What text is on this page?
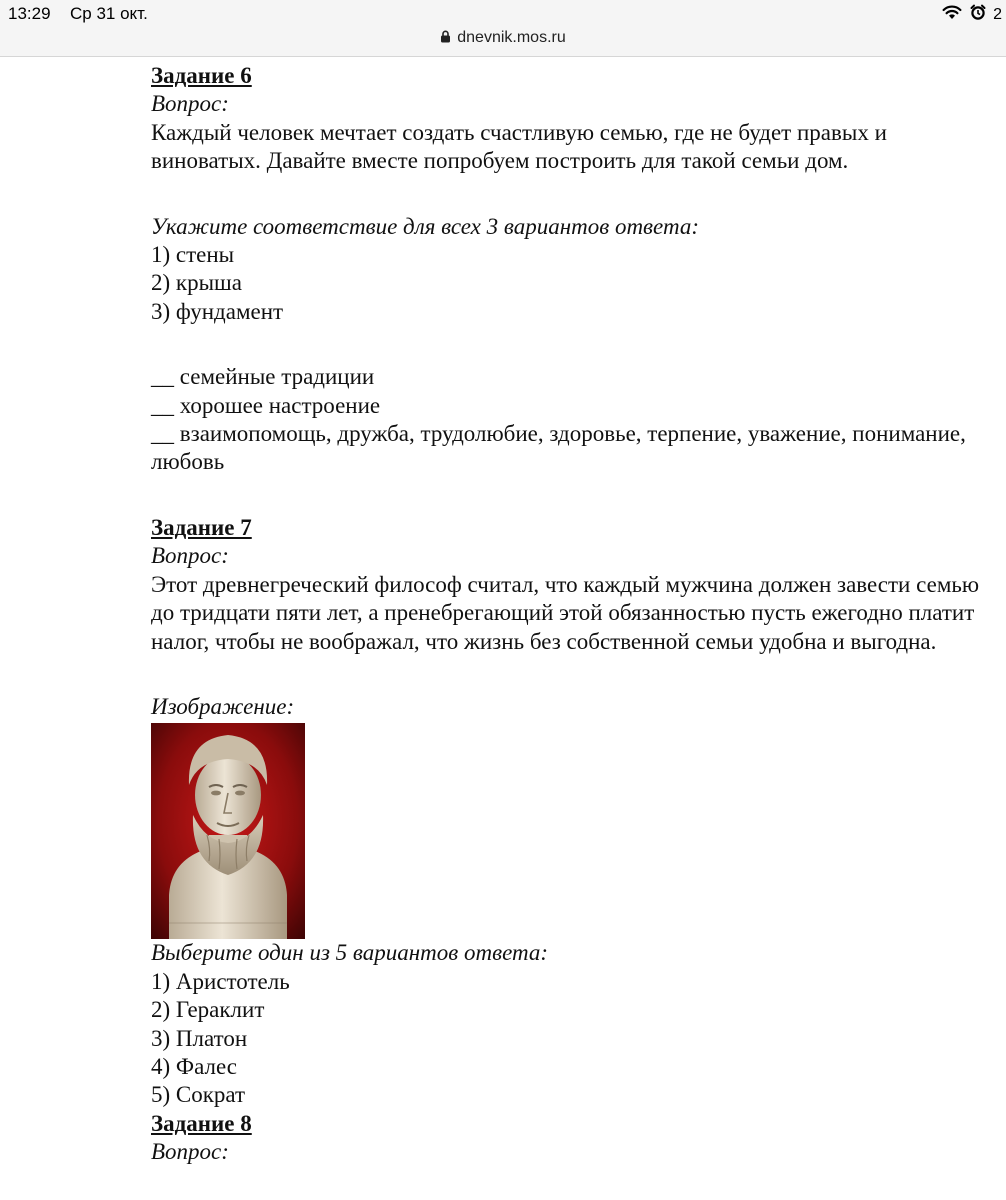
13:29 Ср 31 окт.
dnevnik.mos.ru
2

Задание 6

Вопрос:

Каждый человек мечтает создать счастливую семью, где не будет правых и виноватых. Давайте вместе попробуем построить для такой семьи дом.

Укажите соответствие для всех 3 вариантов ответа:

1) стены

2) крыша

3) фундамент

__ семейные традиции

__ хорошее настроение

__ взаимопомощь, дружба, трудолюбие, здоровье, терпение, уважение, понимание, любовь

Задание 7

Вопрос:

Этот древнегреческий философ считал, что каждый мужчина должен завести семью до тридцати пяти лет, а пренебрегающий этой обязанностью пусть ежегодно платит налог, чтобы не воображал, что жизнь без собственной семьи удобна и выгодна.

Изображение:

Выберите один из 5 вариантов ответа:

1) Аристотель

2) Гераклит

3) Платон

4) Фалес

5) Сократ

Задание 8

Вопрос:
